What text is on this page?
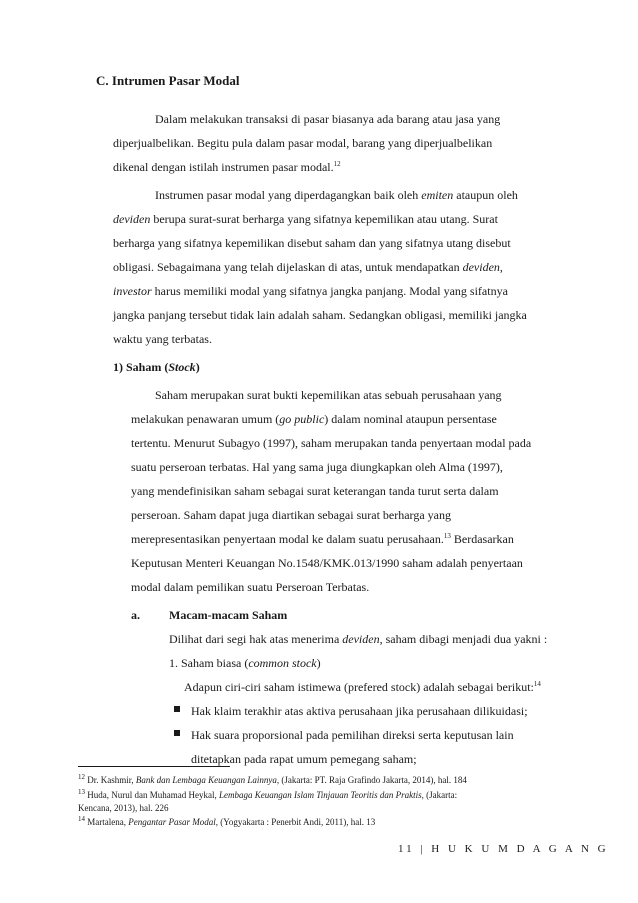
C. Intrumen Pasar Modal
Dalam melakukan transaksi di pasar biasanya ada barang atau jasa yang
diperjualbelikan. Begitu pula dalam pasar modal, barang yang diperjualbelikan
dikenal dengan istilah instrumen pasar modal.$^{12}$
Instrumen pasar modal yang diperdagangkan baik oleh emiten ataupun oleh
deviden berupa surat-surat berharga yang sifatnya kepemilikan atau utang. Surat
berharga yang sifatnya kepemilikan disebut saham dan yang sifatnya utang disebut
obligasi. Sebagaimana yang telah dijelaskan di atas, untuk mendapatkan deviden,
investor harus memiliki modal yang sifatnya jangka panjang. Modal yang sifatnya
jangka panjang tersebut tidak lain adalah saham. Sedangkan obligasi, memiliki jangka
waktu yang terbatas.
1) Saham (Stock)
Saham merupakan surat bukti kepemilikan atas sebuah perusahaan yang
melakukan penawaran umum (go public) dalam nominal ataupun persentase
tertentu. Menurut Subagyo (1997), saham merupakan tanda penyertaan modal pada
suatu perseroan terbatas. Hal yang sama juga diungkapkan oleh Alma (1997),
yang mendefinisikan saham sebagai surat keterangan tanda turut serta dalam
perseroan. Saham dapat juga diartikan sebagai surat berharga yang
merepresentasikan penyertaan modal ke dalam suatu perusahaan.$^{13}$ Berdasarkan
Keputusan Menteri Keuangan No.1548/KMK.013/1990 saham adalah penyertaan
modal dalam pemilikan suatu Perseroan Terbatas.
a. Macam-macam Saham
Dilihat dari segi hak atas menerima deviden, saham dibagi menjadi dua yakni :
1. Saham biasa (common stock)
Adapun ciri-ciri saham istimewa (prefered stock) adalah sebagai berikut:$^{14}$
Hak klaim terakhir atas aktiva perusahaan jika perusahaan dilikuidasi;
Hak suara proporsional pada pemilihan direksi serta keputusan lain
ditetapkan pada rapat umum pemegang saham;
$^{12}$ Dr. Kashmir, Bank dan Lembaga Keuangan Lainnya, (Jakarta: PT. Raja Grafindo Jakarta, 2014), hal. 184
$^{13}$ Huda, Nurul dan Muhamad Heykal, Lembaga Keuangan Islam Tinjauan Teoritis dan Praktis, (Jakarta:
Kencana, 2013), hal. 226
$^{14}$ Martalena, Pengantar Pasar Modal, (Yogyakarta : Penerbit Andi, 2011), hal. 13
11 | H U K U M D A G A N G
